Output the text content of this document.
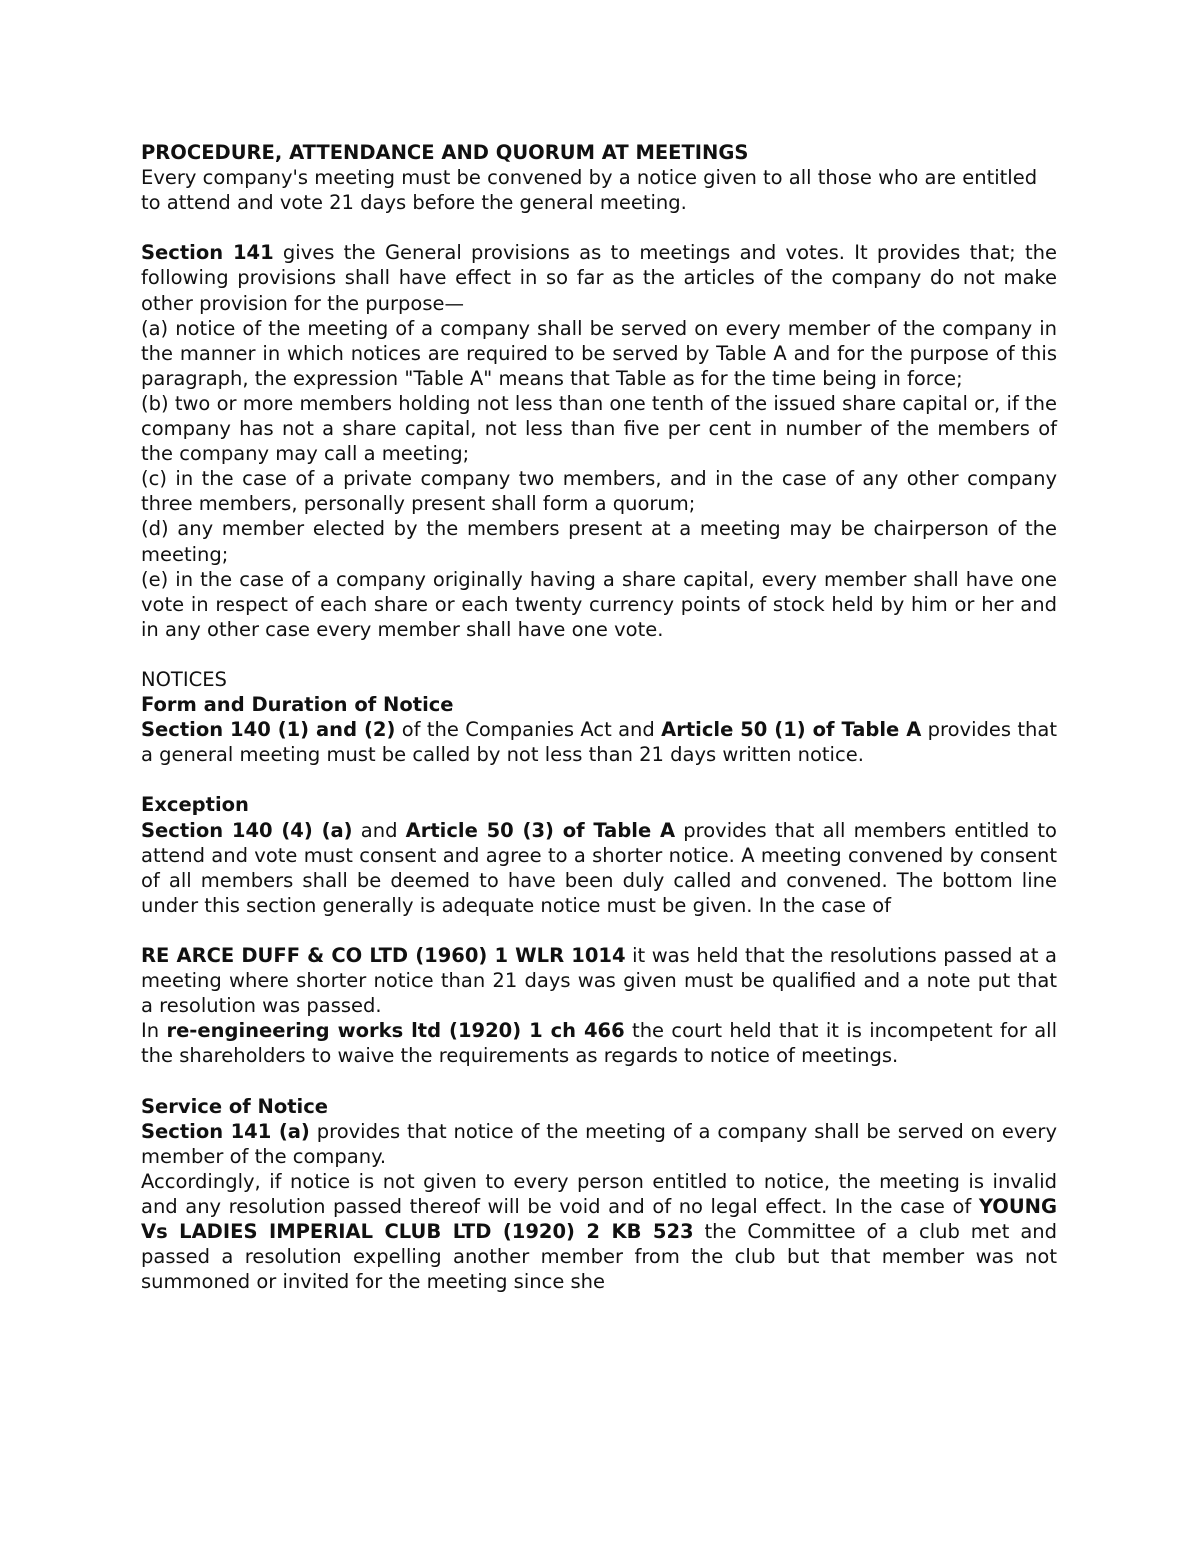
PROCEDURE, ATTENDANCE AND QUORUM AT MEETINGS

Every company's meeting must be convened by a notice given to all those who are entitled to attend and vote 21 days before the general meeting.

Section 141 gives the General provisions as to meetings and votes. It provides that; the following provisions shall have effect in so far as the articles of the company do not make other provision for the purpose—

(a) notice of the meeting of a company shall be served on every member of the company in the manner in which notices are required to be served by Table A and for the purpose of this paragraph, the expression "Table A" means that Table as for the time being in force;

(b) two or more members holding not less than one tenth of the issued share capital or, if the company has not a share capital, not less than five per cent in number of the members of the company may call a meeting;

(c) in the case of a private company two members, and in the case of any other company three members, personally present shall form a quorum;

(d) any member elected by the members present at a meeting may be chairperson of the meeting;

(e) in the case of a company originally having a share capital, every member shall have one vote in respect of each share or each twenty currency points of stock held by him or her and in any other case every member shall have one vote.

NOTICES

Form and Duration of Notice

Section 140 (1) and (2) of the Companies Act and Article 50 (1) of Table A provides that a general meeting must be called by not less than 21 days written notice.

Exception

Section 140 (4) (a) and Article 50 (3) of Table A provides that all members entitled to attend and vote must consent and agree to a shorter notice. A meeting convened by consent of all members shall be deemed to have been duly called and convened. The bottom line under this section generally is adequate notice must be given. In the case of

RE ARCE DUFF & CO LTD (1960) 1 WLR 1014 it was held that the resolutions passed at a meeting where shorter notice than 21 days was given must be qualified and a note put that a resolution was passed.

In re-engineering works ltd (1920) 1 ch 466 the court held that it is incompetent for all the shareholders to waive the requirements as regards to notice of meetings.

Service of Notice

Section 141 (a) provides that notice of the meeting of a company shall be served on every member of the company.

Accordingly, if notice is not given to every person entitled to notice, the meeting is invalid and any resolution passed thereof will be void and of no legal effect. In the case of YOUNG Vs LADIES IMPERIAL CLUB LTD (1920) 2 KB 523 the Committee of a club met and passed a resolution expelling another member from the club but that member was not summoned or invited for the meeting since she
